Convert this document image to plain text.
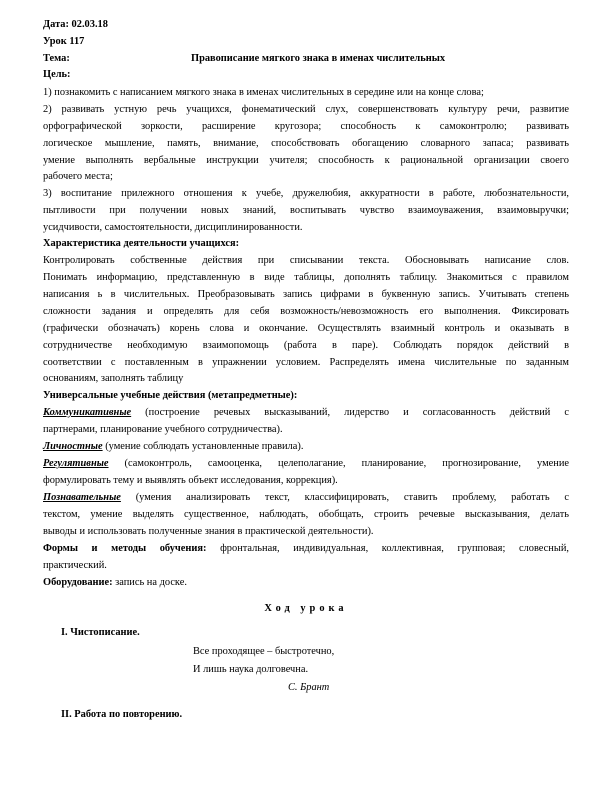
Дата: 02.03.18
Урок 117
Тема:	Правописание мягкого знака в именах числительных
Цель:
1) познакомить с написанием мягкого знака в именах числительных в середине или на конце слова;
2) развивать устную речь учащихся, фонематический слух, совершенствовать культуру речи, развитие
орфографической зоркости, расширение кругозора; способность к самоконтролю; развивать
логическое мышление, память, внимание, способствовать обогащению словарного запаса; развивать
умение выполнять вербальные инструкции учителя; способность к рациональной организации своего
рабочего места;
3) воспитание прилежного отношения к учебе, дружелюбия, аккуратности в работе, любознательности,
пытливости при получении новых знаний, воспитывать чувство взаимоуважения, взаимовыручки;
усидчивости, самостоятельности, дисциплинированности.
Характеристика деятельности учащихся:
Контролировать собственные действия при списывании текста. Обосновывать написание слов.
Понимать информацию, представленную в виде таблицы, дополнять таблицу. Знакомиться с правилом
написания ь в числительных. Преобразовывать запись цифрами в буквенную запись. Учитывать степень
сложности задания и определять для себя возможность/невозможность его выполнения. Фиксировать
(графически обозначать) корень слова и окончание. Осуществлять взаимный контроль и оказывать в
сотрудничестве необходимую взаимопомощь (работа в паре). Соблюдать порядок действий в
соответствии с поставленным в упражнении условием. Распределять имена числительные по заданным
основаниям, заполнять таблицу
Универсальные учебные действия (метапредметные):
Коммуникативные (построение речевых высказываний, лидерство и согласованность действий с
партнерами, планирование учебного сотрудничества).
Личностные (умение соблюдать установленные правила).
Регулятивные (самоконтроль, самооценка, целеполагание, планирование, прогнозирование, умение
формулировать тему и выявлять объект исследования, коррекция).
Познавательные (умения анализировать текст, классифицировать, ставить проблему, работать с
текстом, умение выделять существенное, наблюдать, обобщать, строить речевые высказывания, делать
выводы и использовать полученные знания в практической деятельности).
Формы и методы обучения: фронтальная, индивидуальная, коллективная, групповая; словесный,
практический.
Оборудование: запись на доске.
Ход урока
I. Чистописание.
Все проходящее – быстротечно,
И лишь наука долговечна.
С. Брант
II. Работа по повторению.
